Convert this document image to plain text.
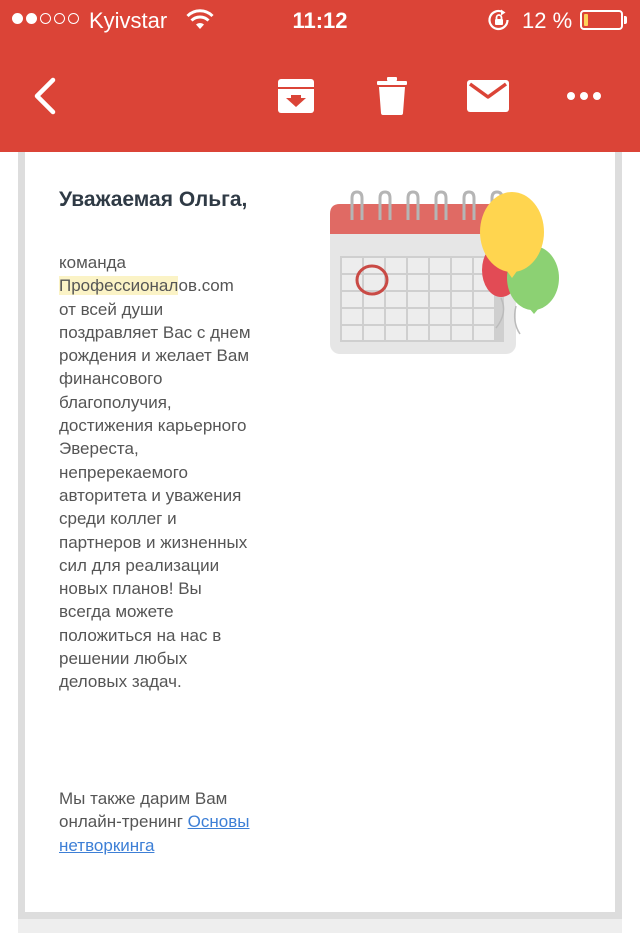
Kyivstar	11:12	12 %
Уважаемая Ольга,

команда Профессионалов.com от всей души поздравляет Вас с днем рождения и желает Вам финансового благополучия, достижения карьерного Эвереста, непререкаемого авторитета и уважения среди коллег и партнеров и жизненных сил для реализации новых планов! Вы всегда можете положиться на нас в решении любых деловых задач.

Мы также дарим Вам онлайн-тренинг Основы нетворкинга
